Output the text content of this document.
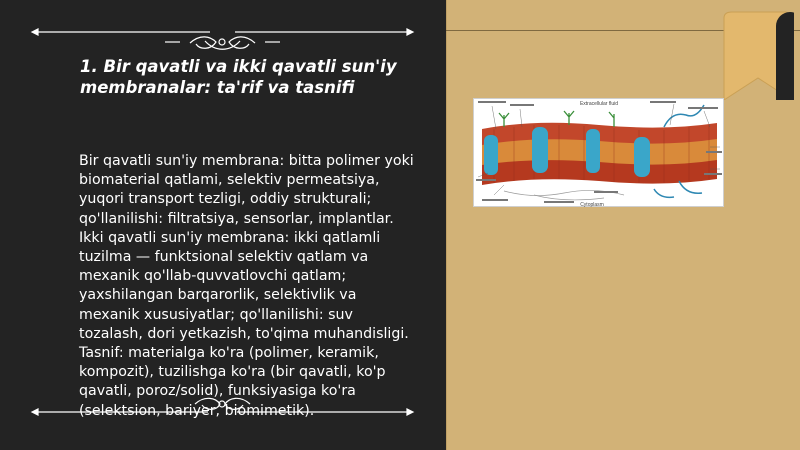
1. Bir qavatli va ikki qavatli sun'iy membranalar: ta'rif va tasnifi
Bir qavatli sun'iy membrana: bitta polimer yoki biomaterial qatlami, selektiv permeatsiya, yuqori transport tezligi, oddiy strukturali; qo'llanilishi: filtratsiya, sensorlar, implantlar. Ikki qavatli sun'iy membrana: ikki qatlamli tuzilma — funktsional selektiv qatlam va mexanik qo'llab-quvvatlovchi qatlam; yaxshilangan barqarorlik, selektivlik va mexanik xususiyatlar; qo'llanilishi: suv tozalash, dori yetkazish, to'qima muhandisligi. Tasnif: materialga ko'ra (polimer, keramik, kompozit), tuzilishga ko'ra (bir qavatli, ko'p qavatli, poroz/solid), funksiyasiga ko'ra (selektsion, bariyer, biomimetik).
Extracellular fluid
Cytoplasm
